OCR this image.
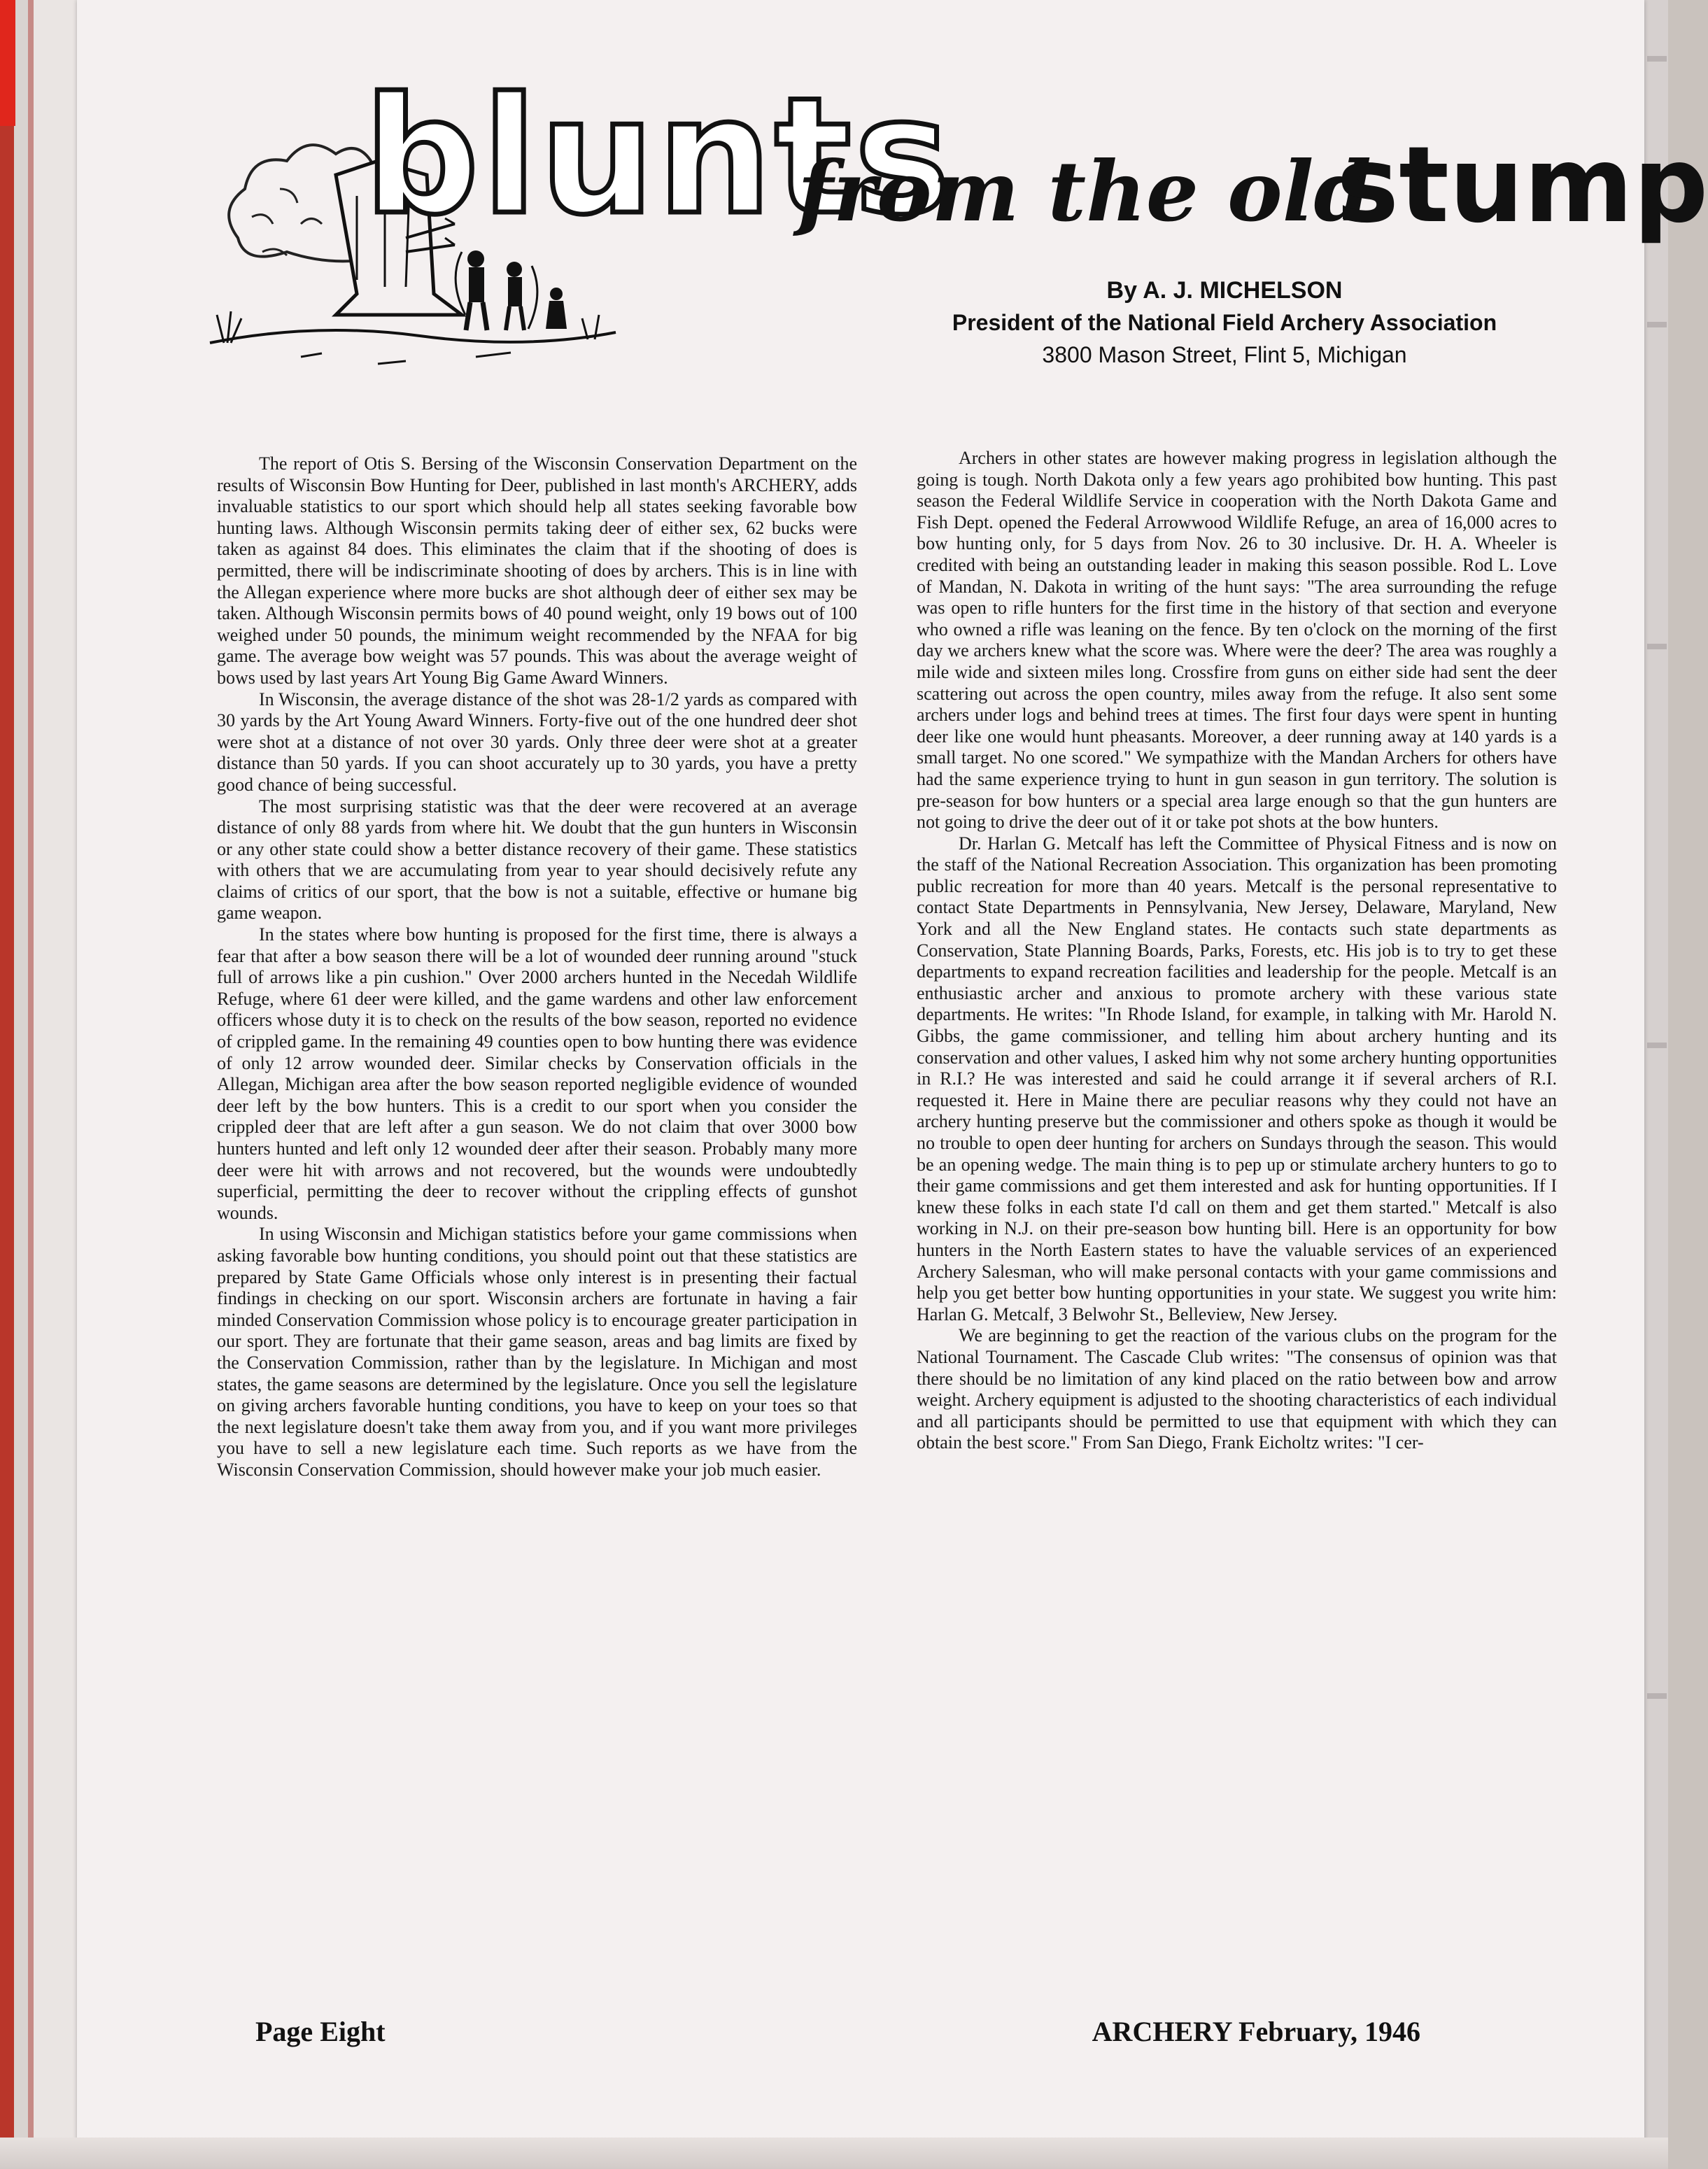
blunts
from the old
stump
By A. J. MICHELSON
President of the National Field Archery Association
3800 Mason Street, Flint 5, Michigan

The report of Otis S. Bersing of the Wisconsin Conservation Department on the results of Wisconsin Bow Hunting for Deer, published in last month's ARCHERY, adds invaluable statistics to our sport which should help all states seeking favorable bow hunting laws. Although Wisconsin permits taking deer of either sex, 62 bucks were taken as against 84 does. This eliminates the claim that if the shooting of does is permitted, there will be indiscriminate shooting of does by archers. This is in line with the Allegan experience where more bucks are shot although deer of either sex may be taken. Although Wisconsin permits bows of 40 pound weight, only 19 bows out of 100 weighed under 50 pounds, the minimum weight recommended by the NFAA for big game. The average bow weight was 57 pounds. This was about the average weight of bows used by last years Art Young Big Game Award Winners.

In Wisconsin, the average distance of the shot was 28-1/2 yards as compared with 30 yards by the Art Young Award Winners. Forty-five out of the one hundred deer shot were shot at a distance of not over 30 yards. Only three deer were shot at a greater distance than 50 yards. If you can shoot accurately up to 30 yards, you have a pretty good chance of being successful.

The most surprising statistic was that the deer were recovered at an average distance of only 88 yards from where hit. We doubt that the gun hunters in Wisconsin or any other state could show a better distance recovery of their game. These statistics with others that we are accumulating from year to year should decisively refute any claims of critics of our sport, that the bow is not a suitable, effective or humane big game weapon.

In the states where bow hunting is proposed for the first time, there is always a fear that after a bow season there will be a lot of wounded deer running around "stuck full of arrows like a pin cushion." Over 2000 archers hunted in the Necedah Wildlife Refuge, where 61 deer were killed, and the game wardens and other law enforcement officers whose duty it is to check on the results of the bow season, reported no evidence of crippled game. In the remaining 49 counties open to bow hunting there was evidence of only 12 arrow wounded deer. Similar checks by Conservation officials in the Allegan, Michigan area after the bow season reported negligible evidence of wounded deer left by the bow hunters. This is a credit to our sport when you consider the crippled deer that are left after a gun season. We do not claim that over 3000 bow hunters hunted and left only 12 wounded deer after their season. Probably many more deer were hit with arrows and not recovered, but the wounds were undoubtedly superficial, permitting the deer to recover without the crippling effects of gunshot wounds.

In using Wisconsin and Michigan statistics before your game commissions when asking favorable bow hunting conditions, you should point out that these statistics are prepared by State Game Officials whose only interest is in presenting their factual findings in checking on our sport. Wisconsin archers are fortunate in having a fair minded Conservation Commission whose policy is to encourage greater participation in our sport. They are fortunate that their game season, areas and bag limits are fixed by the Conservation Commission, rather than by the legislature. In Michigan and most states, the game seasons are determined by the legislature. Once you sell the legislature on giving archers favorable hunting conditions, you have to keep on your toes so that the next legislature doesn't take them away from you, and if you want more privileges you have to sell a new legislature each time. Such reports as we have from the Wisconsin Conservation Commission, should however make your job much easier.

Archers in other states are however making progress in legislation although the going is tough. North Dakota only a few years ago prohibited bow hunting. This past season the Federal Wildlife Service in cooperation with the North Dakota Game and Fish Dept. opened the Federal Arrowwood Wildlife Refuge, an area of 16,000 acres to bow hunting only, for 5 days from Nov. 26 to 30 inclusive. Dr. H. A. Wheeler is credited with being an outstanding leader in making this season possible. Rod L. Love of Mandan, N. Dakota in writing of the hunt says: "The area surrounding the refuge was open to rifle hunters for the first time in the history of that section and everyone who owned a rifle was leaning on the fence. By ten o'clock on the morning of the first day we archers knew what the score was. Where were the deer? The area was roughly a mile wide and sixteen miles long. Crossfire from guns on either side had sent the deer scattering out across the open country, miles away from the refuge. It also sent some archers under logs and behind trees at times. The first four days were spent in hunting deer like one would hunt pheasants. Moreover, a deer running away at 140 yards is a small target. No one scored." We sympathize with the Mandan Archers for others have had the same experience trying to hunt in gun season in gun territory. The solution is pre-season for bow hunters or a special area large enough so that the gun hunters are not going to drive the deer out of it or take pot shots at the bow hunters.

Dr. Harlan G. Metcalf has left the Committee of Physical Fitness and is now on the staff of the National Recreation Association. This organization has been promoting public recreation for more than 40 years. Metcalf is the personal representative to contact State Departments in Pennsylvania, New Jersey, Delaware, Maryland, New York and all the New England states. He contacts such state departments as Conservation, State Planning Boards, Parks, Forests, etc. His job is to try to get these departments to expand recreation facilities and leadership for the people. Metcalf is an enthusiastic archer and anxious to promote archery with these various state departments. He writes: "In Rhode Island, for example, in talking with Mr. Harold N. Gibbs, the game commissioner, and telling him about archery hunting and its conservation and other values, I asked him why not some archery hunting opportunities in R.I.? He was interested and said he could arrange it if several archers of R.I. requested it. Here in Maine there are peculiar reasons why they could not have an archery hunting preserve but the commissioner and others spoke as though it would be no trouble to open deer hunting for archers on Sundays through the season. This would be an opening wedge. The main thing is to pep up or stimulate archery hunters to go to their game commissions and get them interested and ask for hunting opportunities. If I knew these folks in each state I'd call on them and get them started." Metcalf is also working in N.J. on their pre-season bow hunting bill. Here is an opportunity for bow hunters in the North Eastern states to have the valuable services of an experienced Archery Salesman, who will make personal contacts with your game commissions and help you get better bow hunting opportunities in your state. We suggest you write him: Harlan G. Metcalf, 3 Belwohr St., Belleview, New Jersey.

We are beginning to get the reaction of the various clubs on the program for the National Tournament. The Cascade Club writes: "The consensus of opinion was that there should be no limitation of any kind placed on the ratio between bow and arrow weight. Archery equipment is adjusted to the shooting characteristics of each individual and all participants should be permitted to use that equipment with which they can obtain the best score." From San Diego, Frank Eicholtz writes: "I cer-

Page Eight	ARCHERY February, 1946
